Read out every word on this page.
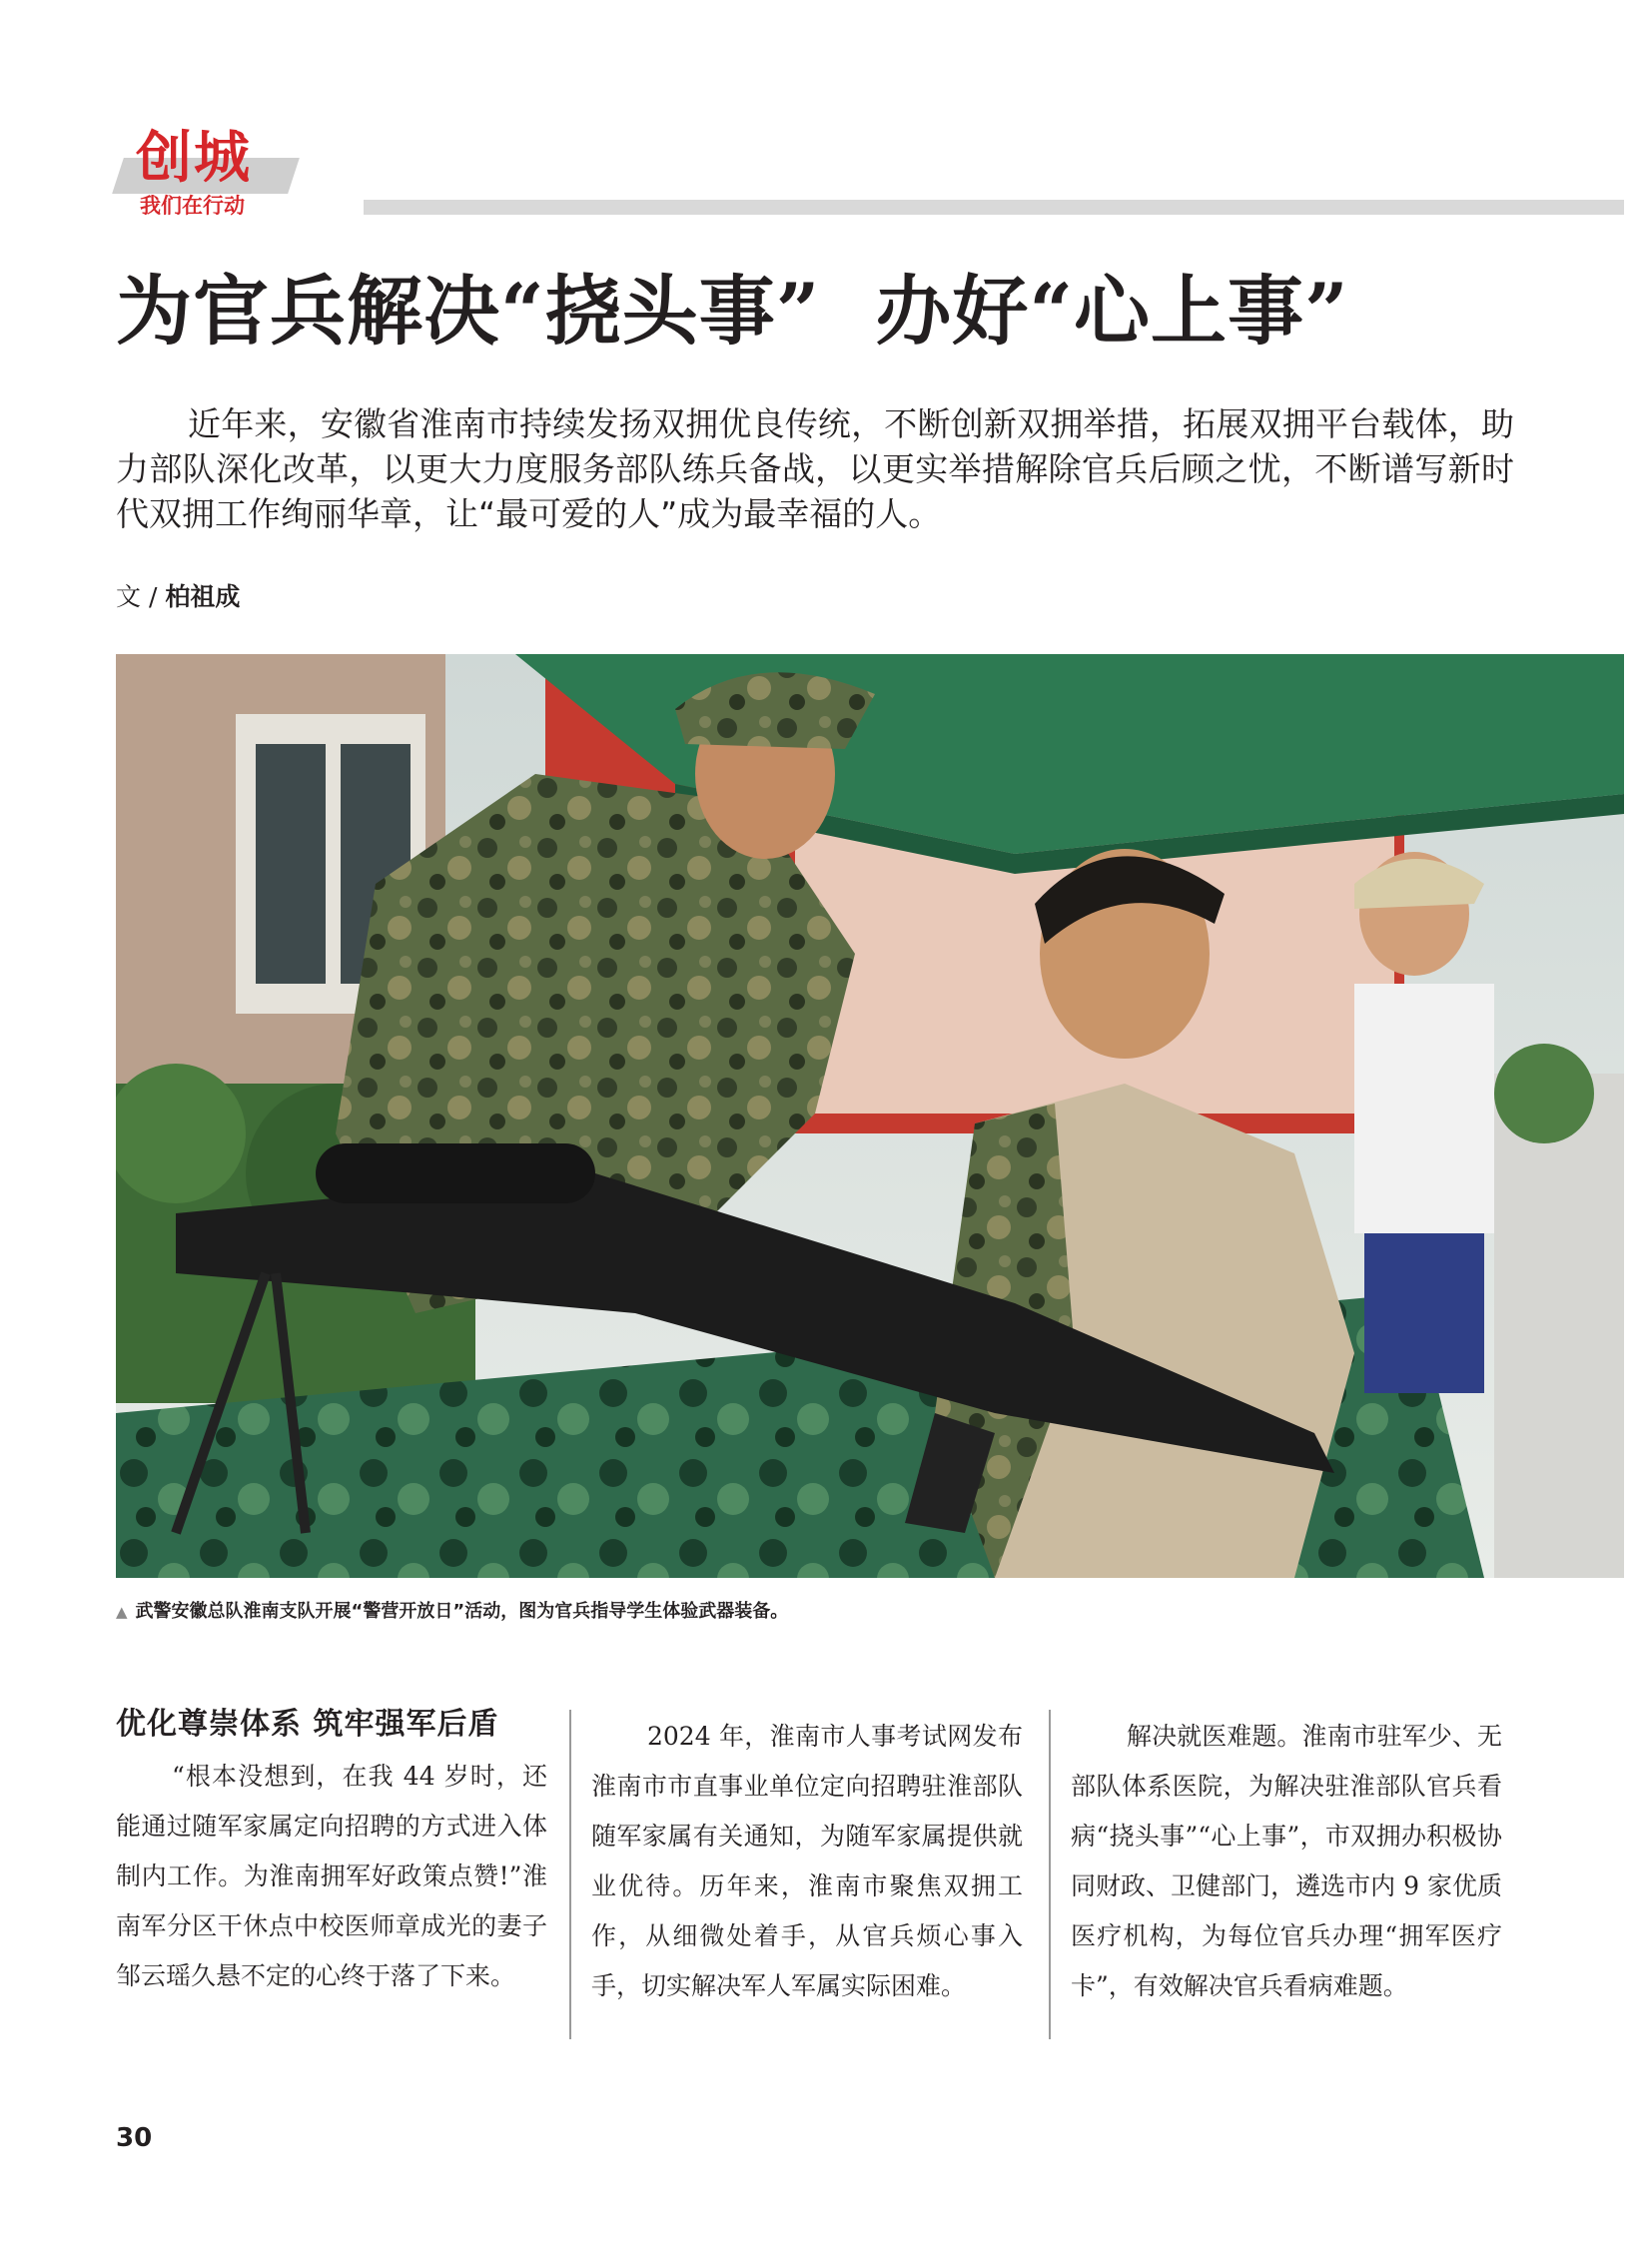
创城
我们在行动
为官兵解决“挠头事”  办好“心上事”
近年来，安徽省淮南市持续发扬双拥优良传统，不断创新双拥举措，拓展双拥平台载体，助力部队深化改革，以更大力度服务部队练兵备战，以更实举措解除官兵后顾之忧，不断谱写新时代双拥工作绚丽华章，让“最可爱的人”成为最幸福的人。
文 / 柏祖成
▲ 武警安徽总队淮南支队开展“警营开放日”活动，图为官兵指导学生体验武器装备。
优化尊崇体系 筑牢强军后盾

“根本没想到，在我 44 岁时，还能通过随军家属定向招聘的方式进入体制内工作。为淮南拥军好政策点赞!”淮南军分区干休点中校医师章成光的妻子邹云瑶久悬不定的心终于落了下来。

2024 年，淮南市人事考试网发布淮南市市直事业单位定向招聘驻淮部队随军家属有关通知，为随军家属提供就业优待。历年来，淮南市聚焦双拥工作，从细微处着手，从官兵烦心事入手，切实解决军人军属实际困难。

解决就医难题。淮南市驻军少、无部队体系医院，为解决驻淮部队官兵看病“挠头事”“心上事”，市双拥办积极协同财政、卫健部门，遴选市内 9 家优质医疗机构，为每位官兵办理“拥军医疗卡”，有效解决官兵看病难题。

30
